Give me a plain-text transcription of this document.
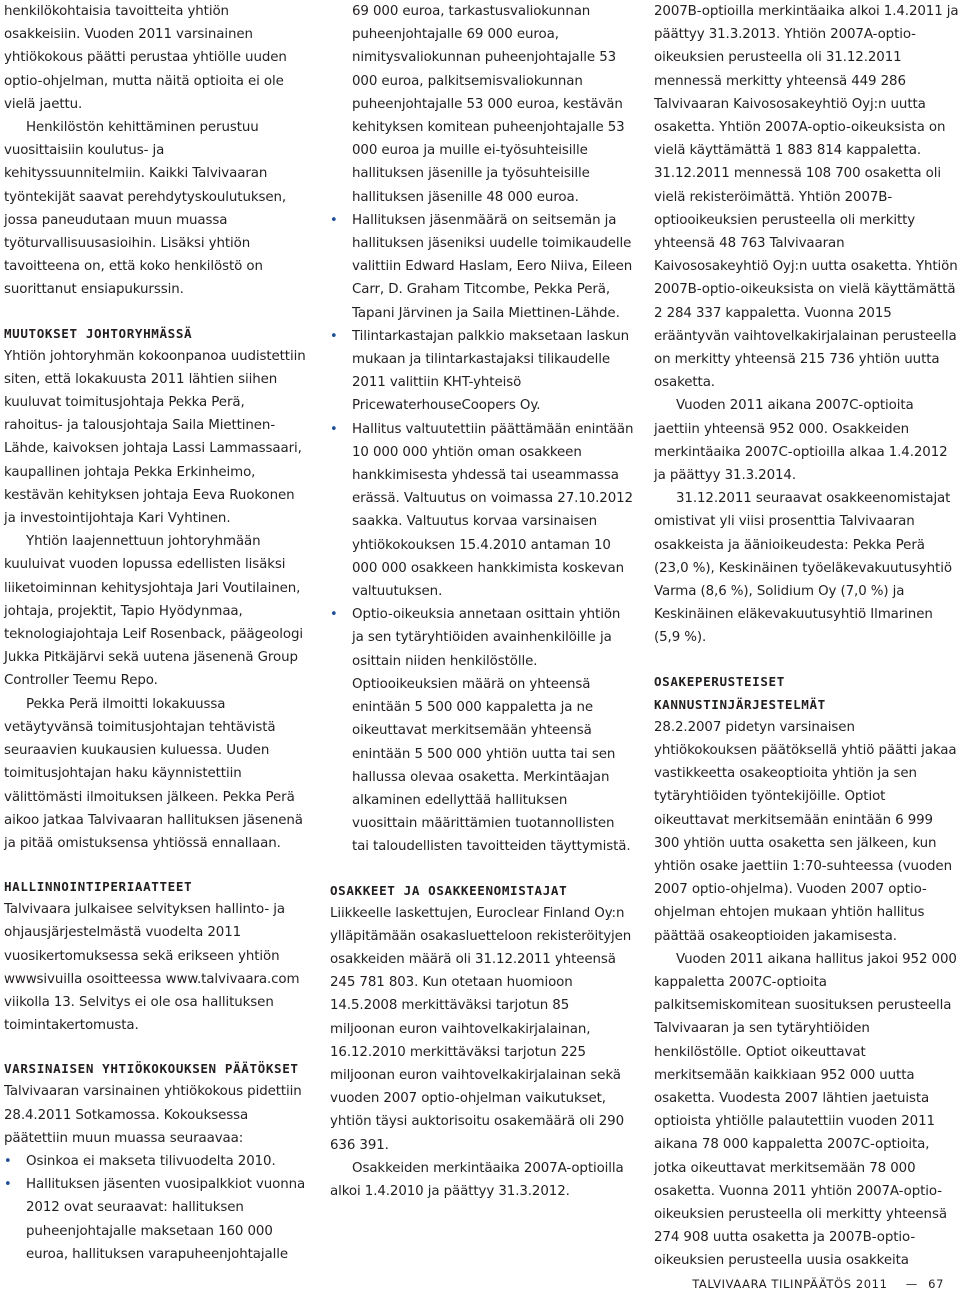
henkilökohtaisia tavoitteita yhtiön osakkeisiin. Vuoden 2011 varsinainen yhtiökokous päätti perustaa yhtiölle uuden optio-ohjelman, mutta näitä optioita ei ole vielä jaettu.

Henkilöstön kehittäminen perustuu vuosittaisiin koulutus- ja kehityssuunnitelmiin. Kaikki Talvivaaran työntekijät saavat perehdytyskoulutuksen, jossa paneudutaan muun muassa työturvallisuusasioihin. Lisäksi yhtiön tavoitteena on, että koko henkilöstö on suorittanut ensiapukurssin.

MUUTOKSET JOHTORYHMÄSSÄ

Yhtiön johtoryhmän kokoonpanoa uudistettiin siten, että lokakuusta 2011 lähtien siihen kuuluvat toimitusjohtaja Pekka Perä, rahoitus- ja talousjohtaja Saila Miettinen-Lähde, kaivoksen johtaja Lassi Lammassaari, kaupallinen johtaja Pekka Erkinheimo, kestävän kehityksen johtaja Eeva Ruokonen ja investointijohtaja Kari Vyhtinen.

Yhtiön laajennettuun johtoryhmään kuuluivat vuoden lopussa edellisten lisäksi liiketoiminnan kehitysjohtaja Jari Voutilainen, johtaja, projektit, Tapio Hyödynmaa, teknologiajohtaja Leif Rosenback, päägeologi Jukka Pitkäjärvi sekä uutena jäsenenä Group Controller Teemu Repo.

Pekka Perä ilmoitti lokakuussa vetäytyvänsä toimitusjohtajan tehtävistä seuraavien kuukausien kuluessa. Uuden toimitusjohtajan haku käynnistettiin välittömästi ilmoituksen jälkeen. Pekka Perä aikoo jatkaa Talvivaaran hallituksen jäsenenä ja pitää omistuksensa yhtiössä ennallaan.

HALLINNOINTIPERIAATTEET

Talvivaara julkaisee selvityksen hallinto- ja ohjausjärjestelmästä vuodelta 2011 vuosikertomuksessa sekä erikseen yhtiön wwwsivuilla osoitteessa www.talvivaara.com viikolla 13. Selvitys ei ole osa hallituksen toimintakertomusta.

VARSINAISEN YHTIÖKOKOUKSEN PÄÄTÖKSET

Talvivaaran varsinainen yhtiökokous pidettiin 28.4.2011 Sotkamossa. Kokouksessa päätettiin muun muassa seuraavaa:

• Osinkoa ei makseta tilivuodelta 2010.
• Hallituksen jäsenten vuosipalkkiot vuonna 2012 ovat seuraavat: hallituksen puheenjohtajalle maksetaan 160 000 euroa, hallituksen varapuheenjohtajalle

69 000 euroa, tarkastusvaliokunnan puheenjohtajalle 69 000 euroa, nimitysvaliokunnan puheenjohtajalle 53 000 euroa, palkitsemisvaliokunnan puheenjohtajalle 53 000 euroa, kestävän kehityksen komitean puheenjohtajalle 53 000 euroa ja muille ei-työsuhteisille hallituksen jäsenille ja työsuhteisille hallituksen jäsenille 48 000 euroa.

• Hallituksen jäsenmäärä on seitsemän ja hallituksen jäseniksi uudelle toimikaudelle valittiin Edward Haslam, Eero Niiva, Eileen Carr, D. Graham Titcombe, Pekka Perä, Tapani Järvinen ja Saila Miettinen-Lähde.
• Tilintarkastajan palkkio maksetaan laskun mukaan ja tilintarkastajaksi tilikaudelle 2011 valittiin KHT-yhteisö PricewaterhouseCoopers Oy.
• Hallitus valtuutettiin päättämään enintään 10 000 000 yhtiön oman osakkeen hankkimisesta yhdessä tai useammassa erässä. Valtuutus on voimassa 27.10.2012 saakka. Valtuutus korvaa varsinaisen yhtiökokouksen 15.4.2010 antaman 10 000 000 osakkeen hankkimista koskevan valtuutuksen.
• Optio-oikeuksia annetaan osittain yhtiön ja sen tytäryhtiöiden avainhenkilöille ja osittain niiden henkilöstölle. Optiooikeuksien määrä on yhteensä enintään 5 500 000 kappaletta ja ne oikeuttavat merkitsemään yhteensä enintään 5 500 000 yhtiön uutta tai sen hallussa olevaa osaketta. Merkintäajan alkaminen edellyttää hallituksen vuosittain määrittämien tuotannollisten tai taloudellisten tavoitteiden täyttymistä.
OSAKKEET JA OSAKKEENOMISTAJAT

Liikkeelle laskettujen, Euroclear Finland Oy:n ylläpitämään osakasluetteloon rekisteröityjen osakkeiden määrä oli 31.12.2011 yhteensä 245 781 803. Kun otetaan huomioon 14.5.2008 merkittäväksi tarjotun 85 miljoonan euron vaihtovelkakirjalainan, 16.12.2010 merkittäväksi tarjotun 225 miljoonan euron vaihtovelkakirjalainan sekä vuoden 2007 optio-ohjelman vaikutukset, yhtiön täysi auktorisoitu osakemäärä oli 290 636 391.

Osakkeiden merkintäaika 2007A-optioilla alkoi 1.4.2010 ja päättyy 31.3.2012.

2007B-optioilla merkintäaika alkoi 1.4.2011 ja päättyy 31.3.2013. Yhtiön 2007A-optio-oikeuksien perusteella oli 31.12.2011 mennessä merkitty yhteensä 449 286 Talvivaaran Kaivososakeyhtiö Oyj:n uutta osaketta. Yhtiön 2007A-optio-oikeuksista on vielä käyttämättä 1 883 814 kappaletta. 31.12.2011 mennessä 108 700 osaketta oli vielä rekisteröimättä. Yhtiön 2007B-optiooikeuksien perusteella oli merkitty yhteensä 48 763 Talvivaaran Kaivososakeyhtiö Oyj:n uutta osaketta. Yhtiön 2007B-optio-oikeuksista on vielä käyttämättä 2 284 337 kappaletta. Vuonna 2015 erääntyvän vaihtovelkakirjalainan perusteella on merkitty yhteensä 215 736 yhtiön uutta osaketta.

Vuoden 2011 aikana 2007C-optioita jaettiin yhteensä 952 000. Osakkeiden merkintäaika 2007C-optioilla alkaa 1.4.2012 ja päättyy 31.3.2014.

31.12.2011 seuraavat osakkeenomistajat omistivat yli viisi prosenttia Talvivaaran osakkeista ja äänioikeudesta: Pekka Perä (23,0 %), Keskinäinen työeläkevakuutusyhtiö Varma (8,6 %), Solidium Oy (7,0 %) ja Keskinäinen eläkevakuutusyhtiö Ilmarinen (5,9 %).

OSAKEPERUSTEISET
KANNUSTINJÄRJESTELMÄT

28.2.2007 pidetyn varsinaisen yhtiökokouksen päätöksellä yhtiö päätti jakaa vastikkeetta osakeoptioita yhtiön ja sen tytäryhtiöiden työntekijöille. Optiot oikeuttavat merkitsemään enintään 6 999 300 yhtiön uutta osaketta sen jälkeen, kun yhtiön osake jaettiin 1:70-suhteessa (vuoden 2007 optio-ohjelma). Vuoden 2007 optio-ohjelman ehtojen mukaan yhtiön hallitus päättää osakeoptioiden jakamisesta.

Vuoden 2011 aikana hallitus jakoi 952 000 kappaletta 2007C-optioita palkitsemiskomitean suosituksen perusteella Talvivaaran ja sen tytäryhtiöiden henkilöstölle. Optiot oikeuttavat merkitsemään kaikkiaan 952 000 uutta osaketta. Vuodesta 2007 lähtien jaetuista optioista yhtiölle palautettiin vuoden 2011 aikana 78 000 kappaletta 2007C-optioita, jotka oikeuttavat merkitsemään 78 000 osaketta. Vuonna 2011 yhtiön 2007A-optio-oikeuksien perusteella oli merkitty yhteensä 274 908 uutta osaketta ja 2007B-optio-oikeuksien perusteella uusia osakkeita

TALVIVAARA TILINPÄÄTÖS 2011 — 67
